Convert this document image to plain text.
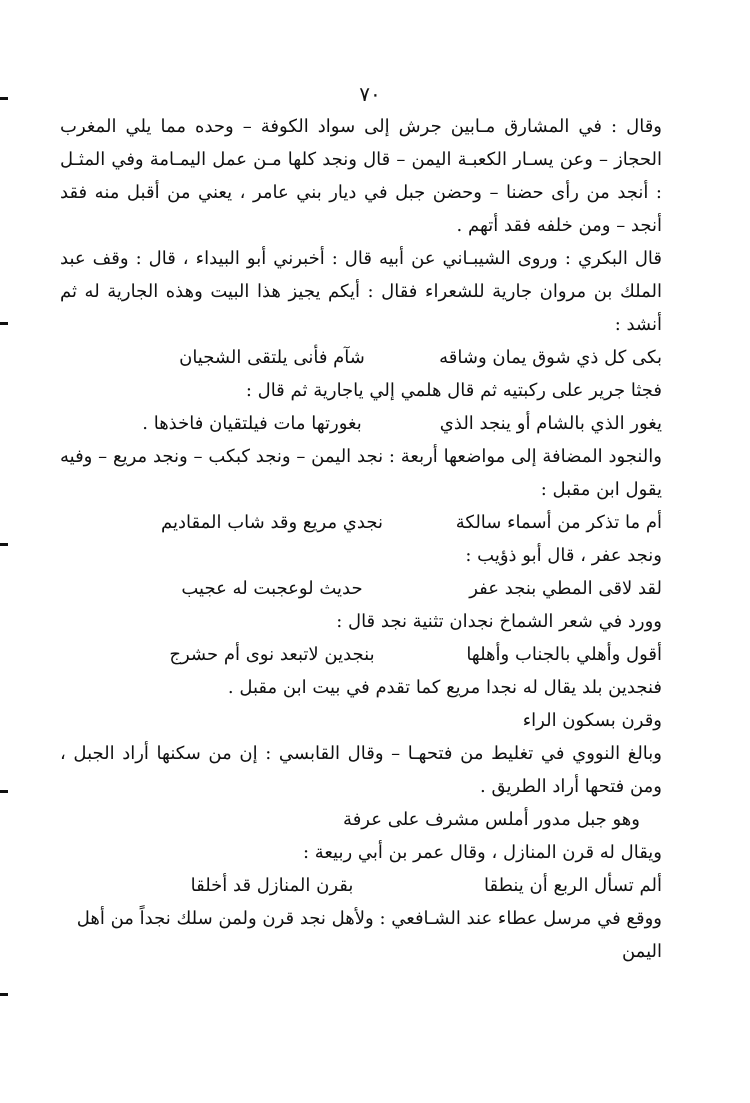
٧٠

وقال : في المشارق مـابين جرش إلى سواد الكوفة – وحده مما يلي المغرب الحجاز – وعن يسـار الكعبـة اليمن – قال ونجد كلها مـن عمل اليمـامة وفي المثـل : أنجد من رأى حضنا – وحضن جبل في ديار بني عامر ، يعني من أقبل منه فقد أنجد – ومن خلفه فقد أتهم .

قال البكري : وروى الشيبـاني عن أبيه قال : أخبرني أبو البيداء ، قال : وقف عبد الملك بن مروان جارية للشعراء فقال : أيكم يجيز هذا البيت وهذه الجارية له ثم أنشد :

بكى كل ذي شوق يمان وشاقه
شآم فأنى يلتقى الشجيان

فجثا جرير على ركبتيه ثم قال هلمي إلي ياجارية ثم قال :

يغور الذي بالشام أو ينجد الذي
بغورتها مات فيلتقيان فاخذها .

والنجود المضافة إلى مواضعها أربعة : نجد اليمن – ونجد كبكب – ونجد مريع – وفيه يقول ابن مقبل :

أم ما تذكر من أسماء سالكة
نجدي مريع وقد شاب المقاديم

ونجد عفر ، قال أبو ذؤيب :

لقد لاقى المطي بنجد عفر
حديث لوعجبت له عجيب

وورد في شعر الشماخ نجدان تثنية نجد قال :

أقول وأهلي بالجناب وأهلها
بنجدين لاتبعد نوى أم حشرج

فنجدين بلد يقال له نجدا مريع كما تقدم في بيت ابن مقبل .

وقرن بسكون الراء

وبالغ النووي في تغليط من فتحهـا – وقال القابسي : إن من سكنها أراد الجبل ، ومن فتحها أراد الطريق .

وهو جبل مدور أملس مشرف على عرفة

ويقال له قرن المنازل ، وقال عمر بن أبي ربيعة :

ألم تسأل الربع أن ينطقا
بقرن المنازل قد أخلقا

ووقع في مرسل عطاء عند الشـافعي : ولأهل نجد قرن ولمن سلك نجداً من أهل اليمن
